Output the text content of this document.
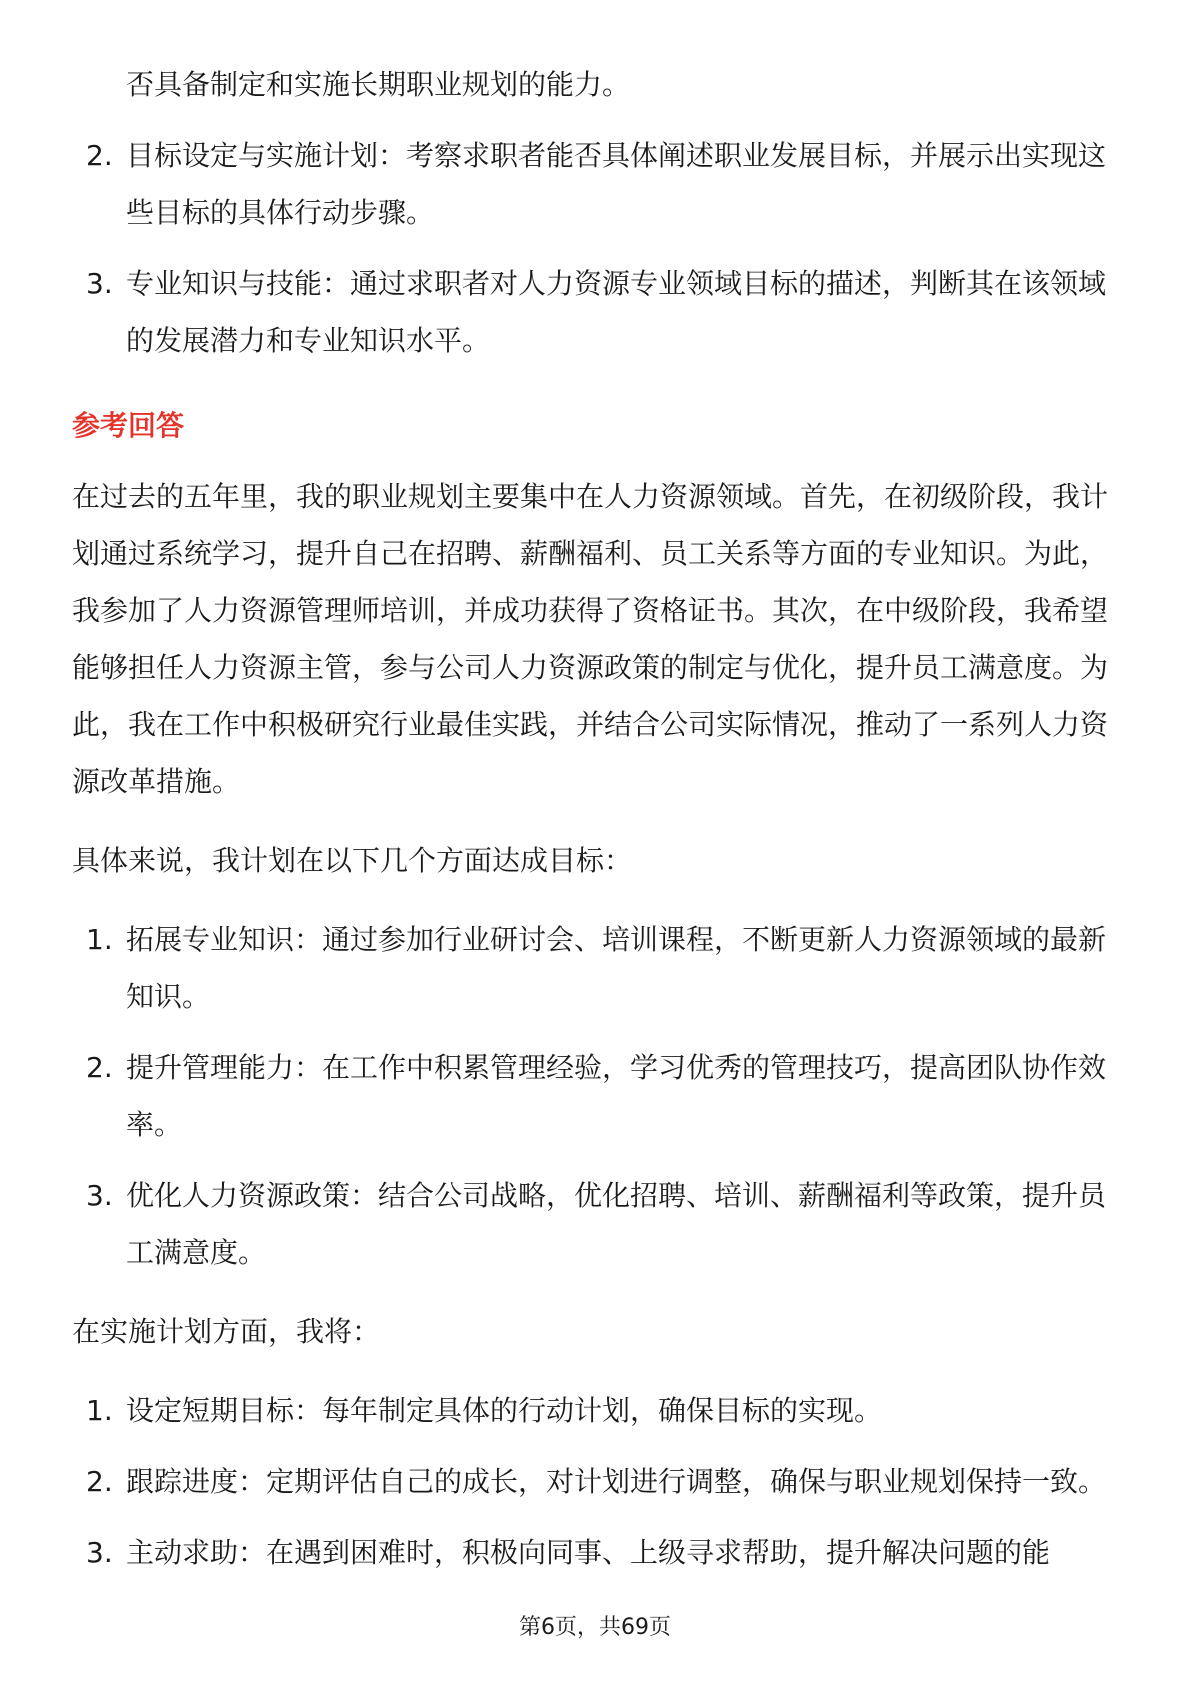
否具备制定和实施长期职业规划的能力。
2. 目标设定与实施计划：考察求职者能否具体阐述职业发展目标，并展示出实现这些目标的具体行动步骤。
3. 专业知识与技能：通过求职者对人力资源专业领域目标的描述，判断其在该领域的发展潜力和专业知识水平。
参考回答

在过去的五年里，我的职业规划主要集中在人力资源领域。首先，在初级阶段，我计划通过系统学习，提升自己在招聘、薪酬福利、员工关系等方面的专业知识。为此，我参加了人力资源管理师培训，并成功获得了资格证书。其次，在中级阶段，我希望能够担任人力资源主管，参与公司人力资源政策的制定与优化，提升员工满意度。为此，我在工作中积极研究行业最佳实践，并结合公司实际情况，推动了一系列人力资源改革措施。

具体来说，我计划在以下几个方面达成目标：

1. 拓展专业知识：通过参加行业研讨会、培训课程，不断更新人力资源领域的最新知识。
2. 提升管理能力：在工作中积累管理经验，学习优秀的管理技巧，提高团队协作效率。
3. 优化人力资源政策：结合公司战略，优化招聘、培训、薪酬福利等政策，提升员工满意度。

在实施计划方面，我将：

1. 设定短期目标：每年制定具体的行动计划，确保目标的实现。
2. 跟踪进度：定期评估自己的成长，对计划进行调整，确保与职业规划保持一致。
3. 主动求助：在遇到困难时，积极向同事、上级寻求帮助，提升解决问题的能
第6页，共69页
